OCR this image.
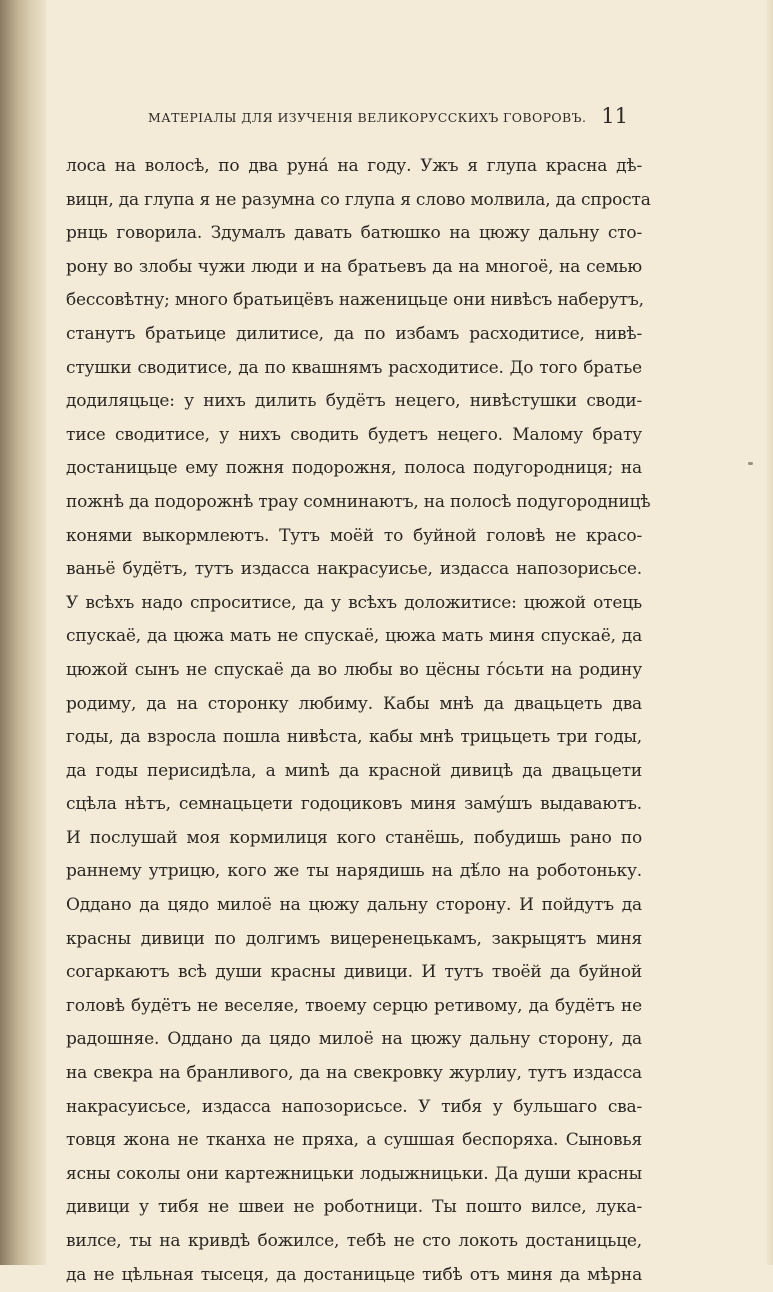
МАТЕРІАЛЫ ДЛЯ ИЗУЧЕНІЯ ВЕЛИКОРУССКИХЪ ГОВОРОВЪ. 11
лоса на волосѣ, по два руна́ на году. Ужъ я глупа красна дѣ-
вицн, да глупа я не разумна со глупа я слово молвила, да спроста
рнць говорила. Здумалъ давать батюшко на цюжу дальну сто-
рону во злобы чужи люди и на братьевъ да на многоё, на семью
бессовѣтну; много братьицёвъ наженицьце они нивѣсъ наберутъ,
станутъ братьице дилитисе, да по избамъ расходитисе, нивѣ-
стушки сводитисе, да по квашнямъ расходитисе. До того братье
додиляцьце: у нихъ дилить будётъ нецего, нивѣстушки своди-
тисе сводитисе, у нихъ сводить будетъ нецего. Малому брату
достаницьце ему пожня подорожня, полоса подугородниця; на
пожнѣ да подорожнѣ трау сомнинаютъ, на полосѣ подугородницѣ
конями выкормлеютъ. Тутъ моёй то буйной головѣ не красо-
ваньё будётъ, тутъ издасса накрасуисье, издасса напозорисьсе.
У всѣхъ надо спроситисе, да у всѣхъ доложитисе: цюжой отець
спускаё, да цюжа мать не спускаё, цюжа мать миня спускаё, да
цюжой сынъ не спускаё да во любы во цёсны го́сьти на родину
родиму, да на сторонку любиму. Кабы мнѣ да двацьцеть два
годы, да взросла пошла нивѣста, кабы мнѣ трицьцеть три годы,
да годы перисидѣла, а миnѣ да красной дивицѣ да двацьцети
сцѣла нѣтъ, семнацьцети годоциковъ миня заму́шъ выдаваютъ.
И послушай моя кормилиця кого станёшь, побудишь рано по
раннему утрицю, кого же ты нарядишь на дѣ́ло на роботоньку.
Оддано да цядо милоё на цюжу дальну сторону. И пойдутъ да
красны дивици по долгимъ вицеренецькамъ, закрыцятъ миня
согаркаютъ всѣ души красны дивици. И тутъ твоёй да буйной
головѣ будётъ не веселяе, твоему серцю ретивому, да будётъ не
радошняе. Оддано да цядо милоё на цюжу дальну сторону, да
на свекра на бранливого, да на свекровку журлиу, тутъ издасса
накрасуисьсе, издасса напозорисьсе. У тибя у бульшаго сва-
товця жона не тканха не пряха, а сушшая беспоряха. Сыновья
ясны соколы они картежницьки лодыжницьки. Да души красны
дивици у тибя не швеи не роботници. Ты пошто вилсе, лука-
вилсе, ты на кривдѣ божилсе, тебѣ не сто локоть достаницьце,
да не цѣльная тысеця, да достаницьце тибѣ отъ миня да мѣрна
